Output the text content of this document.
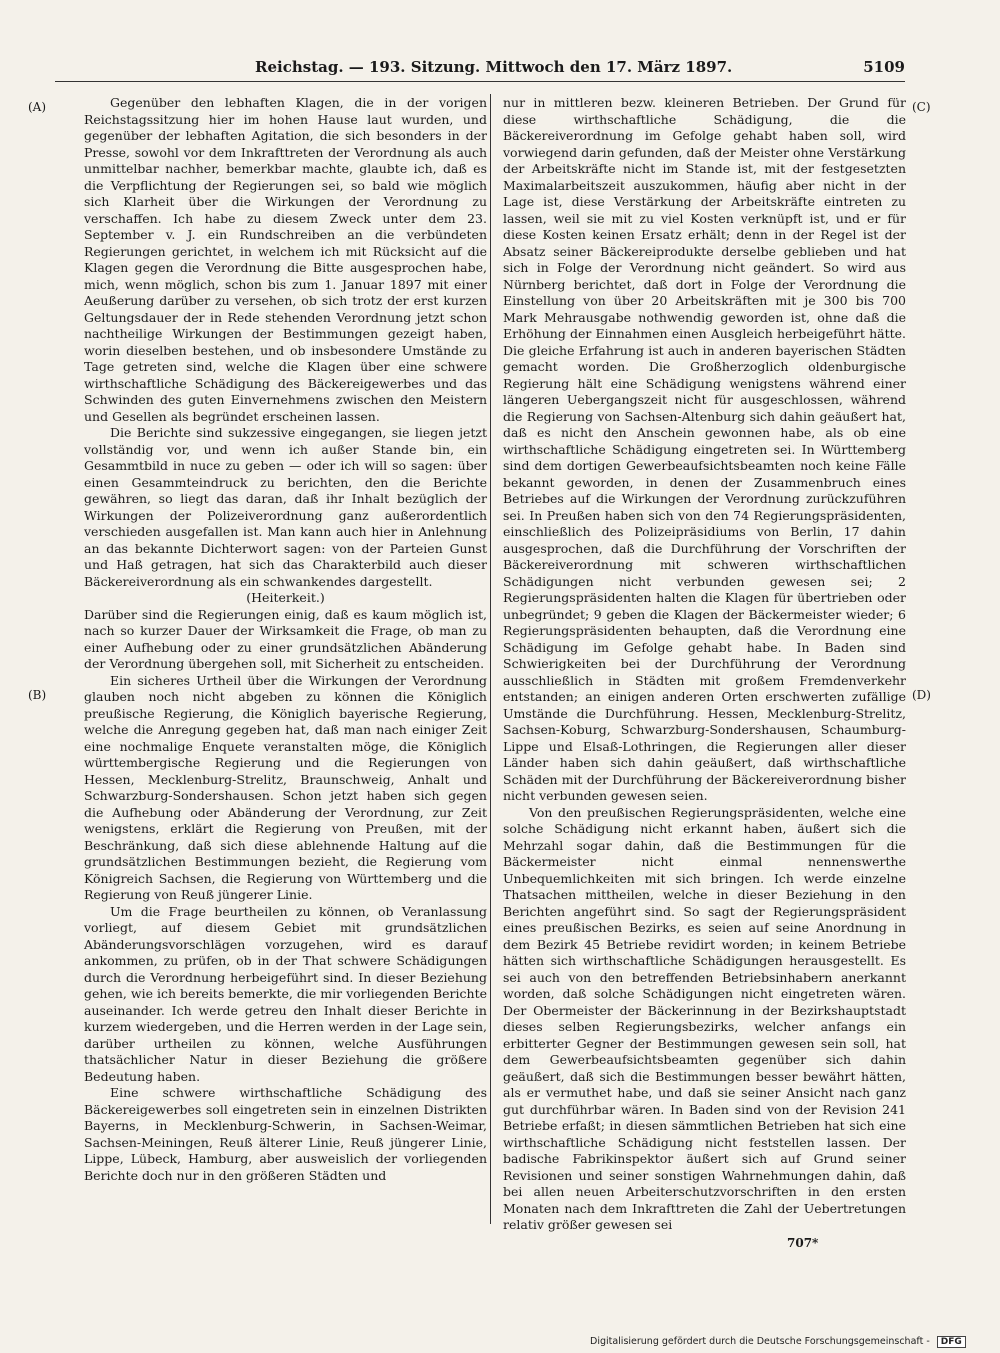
Reichstag. — 193. Sitzung. Mittwoch den 17. März 1897.	5109
(A)
(B)
(C)
(D)

Gegenüber den lebhaften Klagen, die in der vorigen Reichstagssitzung hier im hohen Hause laut wurden, und gegenüber der lebhaften Agitation, die sich besonders in der Presse, sowohl vor dem Inkrafttreten der Verordnung als auch unmittelbar nachher, bemerkbar machte, glaubte ich, daß es die Verpflichtung der Regierungen sei, so bald wie möglich sich Klarheit über die Wirkungen der Verordnung zu verschaffen. Ich habe zu diesem Zweck unter dem 23. September v. J. ein Rundschreiben an die verbündeten Regierungen gerichtet, in welchem ich mit Rücksicht auf die Klagen gegen die Verordnung die Bitte ausgesprochen habe, mich, wenn möglich, schon bis zum 1. Januar 1897 mit einer Aeußerung darüber zu versehen, ob sich trotz der erst kurzen Geltungsdauer der in Rede stehenden Verordnung jetzt schon nachtheilige Wirkungen der Bestimmungen gezeigt haben, worin dieselben bestehen, und ob insbesondere Umstände zu Tage getreten sind, welche die Klagen über eine schwere wirthschaftliche Schädigung des Bäckereigewerbes und das Schwinden des guten Einvernehmens zwischen den Meistern und Gesellen als begründet erscheinen lassen.

Die Berichte sind sukzessive eingegangen, sie liegen jetzt vollständig vor, und wenn ich außer Stande bin, ein Gesammtbild in nuce zu geben — oder ich will so sagen: über einen Gesammteindruck zu berichten, den die Berichte gewähren, so liegt das daran, daß ihr Inhalt bezüglich der Wirkungen der Polizeiverordnung ganz außerordentlich verschieden ausgefallen ist. Man kann auch hier in Anlehnung an das bekannte Dichterwort sagen: von der Parteien Gunst und Haß getragen, hat sich das Charakterbild auch dieser Bäckereiverordnung als ein schwankendes dargestellt.

(Heiterkeit.)

Darüber sind die Regierungen einig, daß es kaum möglich ist, nach so kurzer Dauer der Wirksamkeit die Frage, ob man zu einer Aufhebung oder zu einer grundsätzlichen Abänderung der Verordnung übergehen soll, mit Sicherheit zu entscheiden.

Ein sicheres Urtheil über die Wirkungen der Verordnung glauben noch nicht abgeben zu können die Königlich preußische Regierung, die Königlich bayerische Regierung, welche die Anregung gegeben hat, daß man nach einiger Zeit eine nochmalige Enquete veranstalten möge, die Königlich württembergische Regierung und die Regierungen von Hessen, Mecklenburg-Strelitz, Braunschweig, Anhalt und Schwarzburg-Sondershausen. Schon jetzt haben sich gegen die Aufhebung oder Abänderung der Verordnung, zur Zeit wenigstens, erklärt die Regierung von Preußen, mit der Beschränkung, daß sich diese ablehnende Haltung auf die grundsätzlichen Bestimmungen bezieht, die Regierung vom Königreich Sachsen, die Regierung von Württemberg und die Regierung von Reuß jüngerer Linie.

Um die Frage beurtheilen zu können, ob Veranlassung vorliegt, auf diesem Gebiet mit grundsätzlichen Abänderungsvorschlägen vorzugehen, wird es darauf ankommen, zu prüfen, ob in der That schwere Schädigungen durch die Verordnung herbeigeführt sind. In dieser Beziehung gehen, wie ich bereits bemerkte, die mir vorliegenden Berichte auseinander. Ich werde getreu den Inhalt dieser Berichte in kurzem wiedergeben, und die Herren werden in der Lage sein, darüber urtheilen zu können, welche Ausführungen thatsächlicher Natur in dieser Beziehung die größere Bedeutung haben.

Eine schwere wirthschaftliche Schädigung des Bäckereigewerbes soll eingetreten sein in einzelnen Distrikten Bayerns, in Mecklenburg-Schwerin, in Sachsen-Weimar, Sachsen-Meiningen, Reuß älterer Linie, Reuß jüngerer Linie, Lippe, Lübeck, Hamburg, aber ausweislich der vorliegenden Berichte doch nur in den größeren Städten und

nur in mittleren bezw. kleineren Betrieben. Der Grund für diese wirthschaftliche Schädigung, die die Bäckereiverordnung im Gefolge gehabt haben soll, wird vorwiegend darin gefunden, daß der Meister ohne Verstärkung der Arbeitskräfte nicht im Stande ist, mit der festgesetzten Maximalarbeitszeit auszukommen, häufig aber nicht in der Lage ist, diese Verstärkung der Arbeitskräfte eintreten zu lassen, weil sie mit zu viel Kosten verknüpft ist, und er für diese Kosten keinen Ersatz erhält; denn in der Regel ist der Absatz seiner Bäckereiprodukte derselbe geblieben und hat sich in Folge der Verordnung nicht geändert. So wird aus Nürnberg berichtet, daß dort in Folge der Verordnung die Einstellung von über 20 Arbeitskräften mit je 300 bis 700 Mark Mehrausgabe nothwendig geworden ist, ohne daß die Erhöhung der Einnahmen einen Ausgleich herbeigeführt hätte. Die gleiche Erfahrung ist auch in anderen bayerischen Städten gemacht worden. Die Großherzoglich oldenburgische Regierung hält eine Schädigung wenigstens während einer längeren Uebergangszeit nicht für ausgeschlossen, während die Regierung von Sachsen-Altenburg sich dahin geäußert hat, daß es nicht den Anschein gewonnen habe, als ob eine wirthschaftliche Schädigung eingetreten sei. In Württemberg sind dem dortigen Gewerbeaufsichtsbeamten noch keine Fälle bekannt geworden, in denen der Zusammenbruch eines Betriebes auf die Wirkungen der Verordnung zurückzuführen sei. In Preußen haben sich von den 74 Regierungspräsidenten, einschließlich des Polizeipräsidiums von Berlin, 17 dahin ausgesprochen, daß die Durchführung der Vorschriften der Bäckereiverordnung mit schweren wirthschaftlichen Schädigungen nicht verbunden gewesen sei; 2 Regierungspräsidenten halten die Klagen für übertrieben oder unbegründet; 9 geben die Klagen der Bäckermeister wieder; 6 Regierungspräsidenten behaupten, daß die Verordnung eine Schädigung im Gefolge gehabt habe. In Baden sind Schwierigkeiten bei der Durchführung der Verordnung ausschließlich in Städten mit großem Fremdenverkehr entstanden; an einigen anderen Orten erschwerten zufällige Umstände die Durchführung. Hessen, Mecklenburg-Strelitz, Sachsen-Koburg, Schwarzburg-Sondershausen, Schaumburg-Lippe und Elsaß-Lothringen, die Regierungen aller dieser Länder haben sich dahin geäußert, daß wirthschaftliche Schäden mit der Durchführung der Bäckereiverordnung bisher nicht verbunden gewesen seien.

Von den preußischen Regierungspräsidenten, welche eine solche Schädigung nicht erkannt haben, äußert sich die Mehrzahl sogar dahin, daß die Bestimmungen für die Bäckermeister nicht einmal nennenswerthe Unbequemlichkeiten mit sich bringen. Ich werde einzelne Thatsachen mittheilen, welche in dieser Beziehung in den Berichten angeführt sind. So sagt der Regierungspräsident eines preußischen Bezirks, es seien auf seine Anordnung in dem Bezirk 45 Betriebe revidirt worden; in keinem Betriebe hätten sich wirthschaftliche Schädigungen herausgestellt. Es sei auch von den betreffenden Betriebsinhabern anerkannt worden, daß solche Schädigungen nicht eingetreten wären. Der Obermeister der Bäckerinnung in der Bezirkshauptstadt dieses selben Regierungsbezirks, welcher anfangs ein erbitterter Gegner der Bestimmungen gewesen sein soll, hat dem Gewerbeaufsichtsbeamten gegenüber sich dahin geäußert, daß sich die Bestimmungen besser bewährt hätten, als er vermuthet habe, und daß sie seiner Ansicht nach ganz gut durchführbar wären. In Baden sind von der Revision 241 Betriebe erfaßt; in diesen sämmtlichen Betrieben hat sich eine wirthschaftliche Schädigung nicht feststellen lassen. Der badische Fabrikinspektor äußert sich auf Grund seiner Revisionen und seiner sonstigen Wahrnehmungen dahin, daß bei allen neuen Arbeiterschutzvorschriften in den ersten Monaten nach dem Inkrafttreten die Zahl der Uebertretungen relativ größer gewesen sei

707*
Digitalisierung gefördert durch die Deutsche Forschungsgemeinschaft - DFG
